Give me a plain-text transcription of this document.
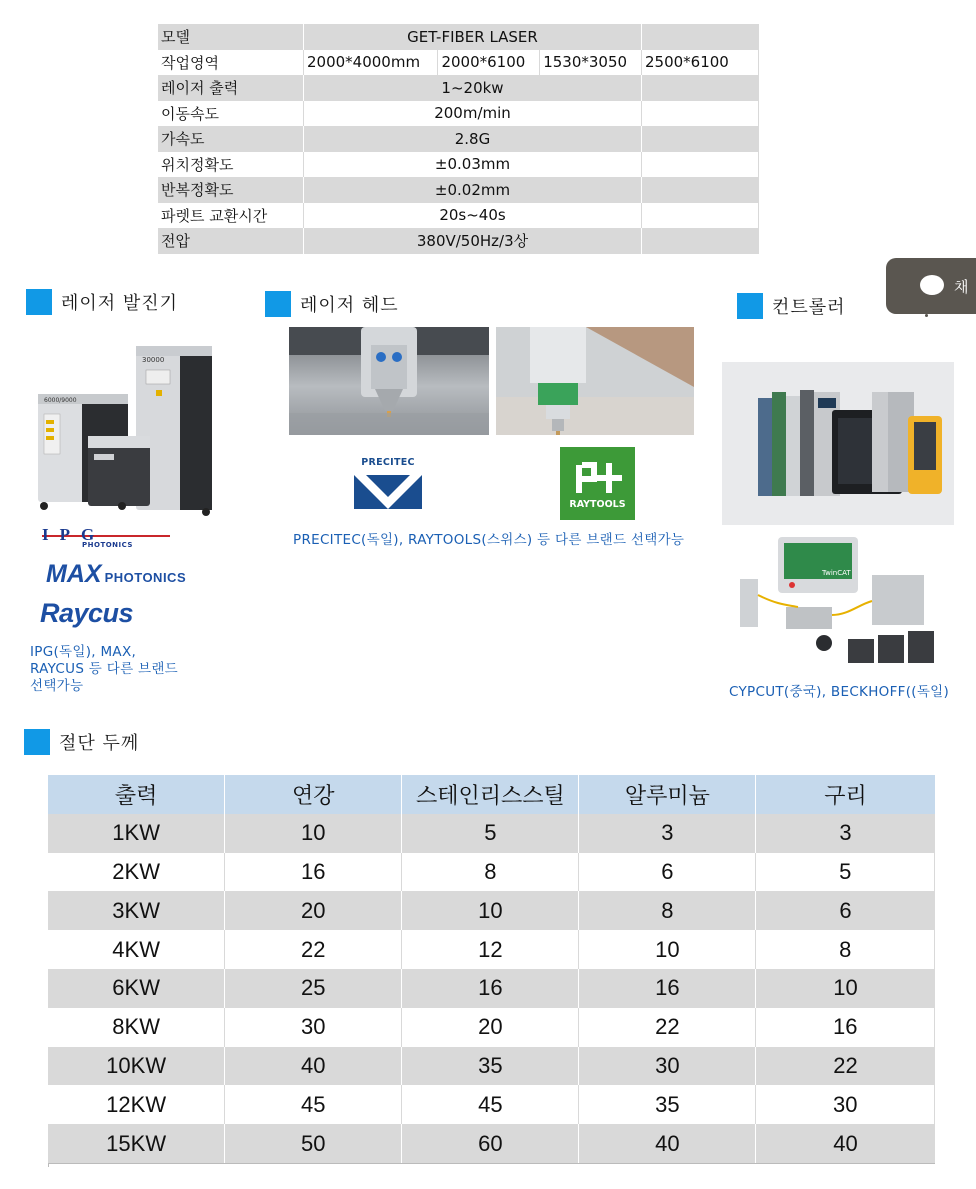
모델	GET-FIBER LASER			
작업영역	2000*4000mm	2000*6100	1530*3050	2500*6100
레이저 출력	1~20kw			
이동속도	200m/min			
가속도	2.8G			
위치정확도	±0.03mm			
반복정확도	±0.02mm			
파렛트 교환시간	20s~40s			
전압	380V/50Hz/3상			
채
레이저 발진기
30000
6000/9000
IPG
PHOTONICS
MAX PHOTONICS
Raycus
IPG(독일), MAX,
RAYCUS 등 다른 브랜드
선택가능
레이저 헤드
PRECITEC
RAYTOOLS
PRECITEC(독일), RAYTOOLS(스위스) 등 다른 브랜드 선택가능
컨트롤러
TwinCAT
CYPCUT(중국), BECKHOFF((독일)
절단 두께
출력	연강	스테인리스스틸	알루미늄	구리
1KW	10	5	3	3
2KW	16	8	6	5
3KW	20	10	8	6
4KW	22	12	10	8
6KW	25	16	16	10
8KW	30	20	22	16
10KW	40	35	30	22
12KW	45	45	35	30
15KW	50	60	40	40
